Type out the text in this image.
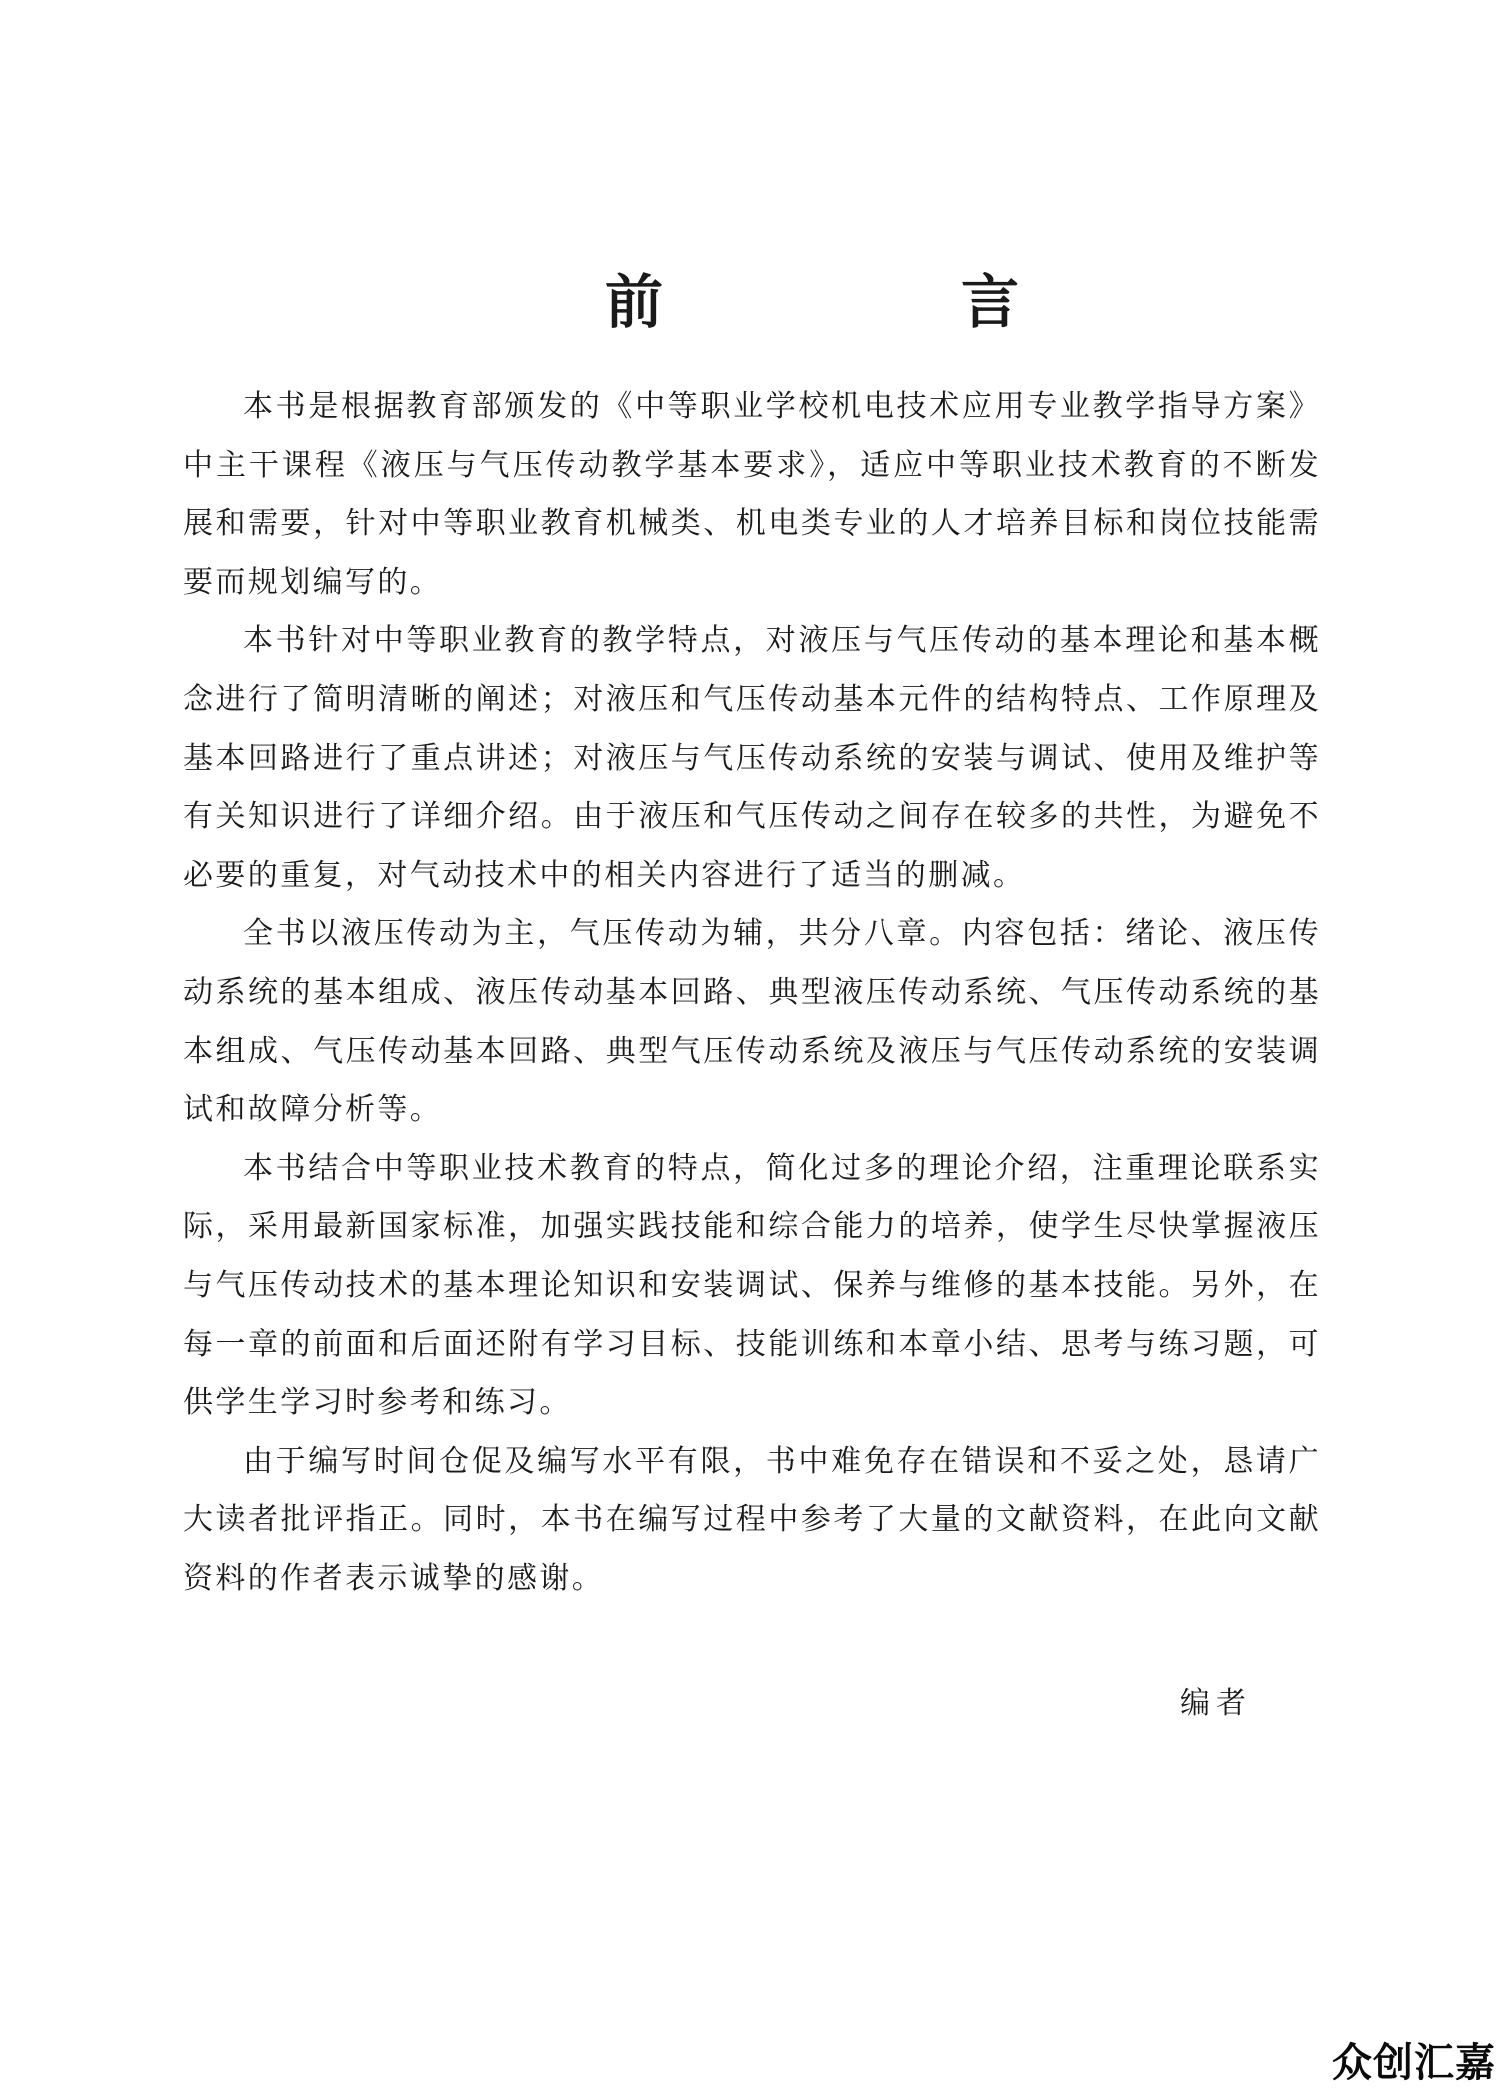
前　言

本书是根据教育部颁发的《中等职业学校机电技术应用专业教学指导方案》中主干课程《液压与气压传动教学基本要求》，适应中等职业技术教育的不断发展和需要，针对中等职业教育机械类、机电类专业的人才培养目标和岗位技能需要而规划编写的。

本书针对中等职业教育的教学特点，对液压与气压传动的基本理论和基本概念进行了简明清晰的阐述；对液压和气压传动基本元件的结构特点、工作原理及基本回路进行了重点讲述；对液压与气压传动系统的安装与调试、使用及维护等有关知识进行了详细介绍。由于液压和气压传动之间存在较多的共性，为避免不必要的重复，对气动技术中的相关内容进行了适当的删减。

全书以液压传动为主，气压传动为辅，共分八章。内容包括：绪论、液压传动系统的基本组成、液压传动基本回路、典型液压传动系统、气压传动系统的基本组成、气压传动基本回路、典型气压传动系统及液压与气压传动系统的安装调试和故障分析等。

本书结合中等职业技术教育的特点，简化过多的理论介绍，注重理论联系实际，采用最新国家标准，加强实践技能和综合能力的培养，使学生尽快掌握液压与气压传动技术的基本理论知识和安装调试、保养与维修的基本技能。另外，在每一章的前面和后面还附有学习目标、技能训练和本章小结、思考与练习题，可供学生学习时参考和练习。

由于编写时间仓促及编写水平有限，书中难免存在错误和不妥之处，恳请广大读者批评指正。同时，本书在编写过程中参考了大量的文献资料，在此向文献资料的作者表示诚挚的感谢。

编者

众创汇嘉
